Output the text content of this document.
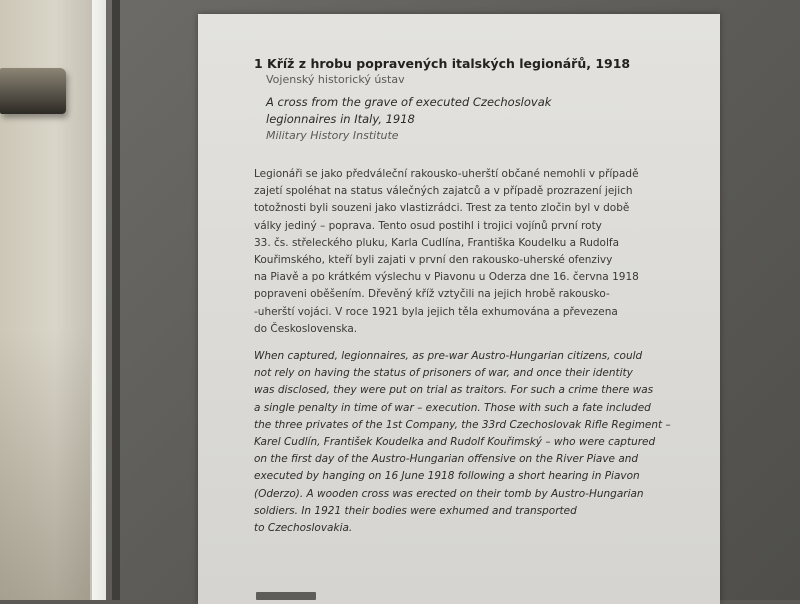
1 Kříž z hrobu popravených italských legionářů, 1918

Vojenský historický ústav

A cross from the grave of executed Czechoslovak
legionnaires in Italy, 1918

Military History Institute

Legionáři se jako předváleční rakousko-uherští občané nemohli v případě
zajetí spoléhat na status válečných zajatců a v případě prozrazení jejich
totožnosti byli souzeni jako vlastizrádci. Trest za tento zločin byl v době
války jediný – poprava. Tento osud postihl i trojici vojínů první roty
33. čs. střeleckého pluku, Karla Cudlína, Františka Koudelku a Rudolfa
Kouřimského, kteří byli zajati v první den rakousko-uherské ofenzivy
na Piavě a po krátkém výslechu v Piavonu u Oderza dne 16. června 1918
popraveni oběšením. Dřevěný kříž vztyčili na jejich hrobě rakousko-
-uherští vojáci. V roce 1921 byla jejich těla exhumována a převezena
do Československa.

When captured, legionnaires, as pre-war Austro-Hungarian citizens, could
not rely on having the status of prisoners of war, and once their identity
was disclosed, they were put on trial as traitors. For such a crime there was
a single penalty in time of war – execution. Those with such a fate included
the three privates of the 1st Company, the 33rd Czechoslovak Rifle Regiment –
Karel Cudlín, František Koudelka and Rudolf Kouřimský – who were captured
on the first day of the Austro-Hungarian offensive on the River Piave and
executed by hanging on 16 June 1918 following a short hearing in Piavon
(Oderzo). A wooden cross was erected on their tomb by Austro-Hungarian
soldiers. In 1921 their bodies were exhumed and transported
to Czechoslovakia.
